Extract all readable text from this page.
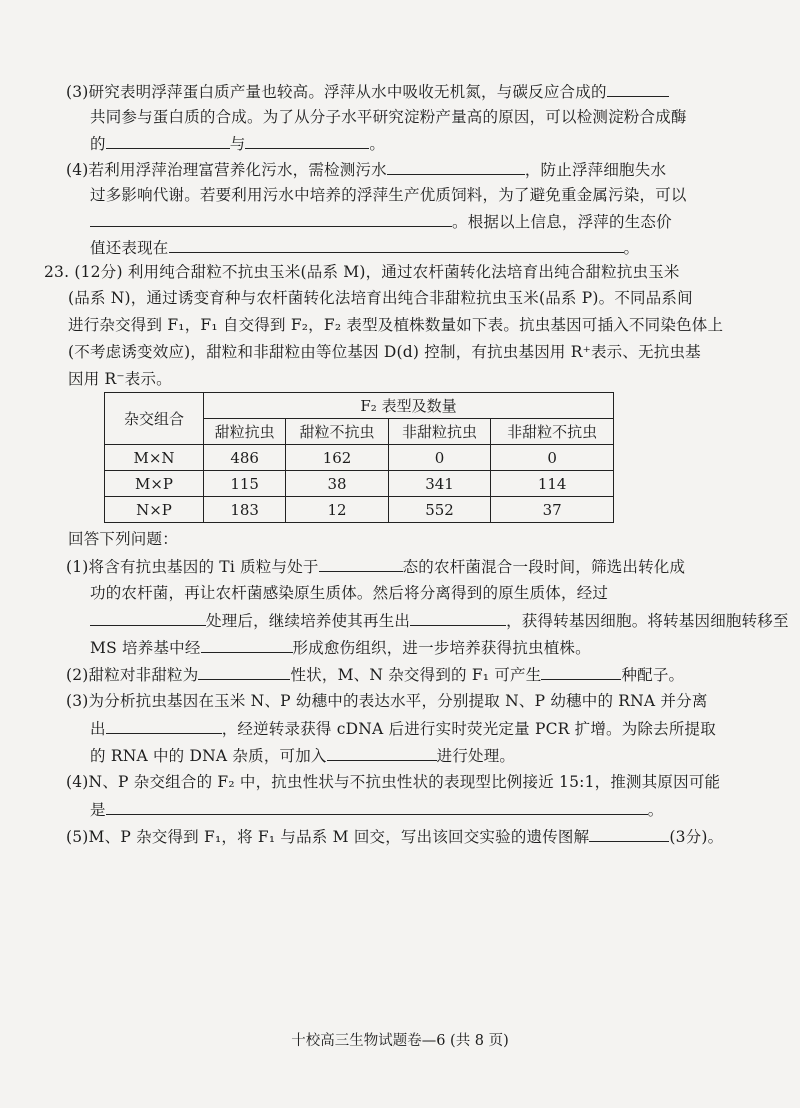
(3)研究表明浮萍蛋白质产量也较高。浮萍从水中吸收无机氮，与碳反应合成的
共同参与蛋白质的合成。为了从分子水平研究淀粉产量高的原因，可以检测淀粉合成酶
的	与	。
(4)若利用浮萍治理富营养化污水，需检测污水	，防止浮萍细胞失水
过多影响代谢。若要利用污水中培养的浮萍生产优质饲料，为了避免重金属污染，可以
。根据以上信息，浮萍的生态价
值还表现在	。
23. (12分) 利用纯合甜粒不抗虫玉米(品系 M)，通过农杆菌转化法培育出纯合甜粒抗虫玉米
(品系 N)，通过诱变育种与农杆菌转化法培育出纯合非甜粒抗虫玉米(品系 P)。不同品系间
进行杂交得到 F₁，F₁ 自交得到 F₂，F₂ 表型及植株数量如下表。抗虫基因可插入不同染色体上
(不考虑诱变效应)，甜粒和非甜粒由等位基因 D(d) 控制，有抗虫基因用 R⁺表示、无抗虫基
杂交组合	F₂ 表型及数量			
	甜粒抗虫	甜粒不抗虫	非甜粒抗虫	非甜粒不抗虫
M×N	486	162	0	0
M×P	115	38	341	114
N×P	183	12	552	37
回答下列问题：
(1)将含有抗虫基因的 Ti 质粒与处于	态的农杆菌混合一段时间，筛选出转化成
功的农杆菌，再让农杆菌感染原生质体。然后将分离得到的原生质体，经过
处理后，继续培养使其再生出	，获得转基因细胞。将转基因细胞转移至
MS 培养基中经	形成愈伤组织，进一步培养获得抗虫植株。
(2)甜粒对非甜粒为	性状，M、N 杂交得到的 F₁ 可产生	种配子。
(3)为分析抗虫基因在玉米 N、P 幼穗中的表达水平，分别提取 N、P 幼穗中的 RNA 并分离
出	，经逆转录获得 cDNA 后进行实时荧光定量 PCR 扩增。为除去所提取
的 RNA 中的 DNA 杂质，可加入	进行处理。
(4)N、P 杂交组合的 F₂ 中，抗虫性状与不抗虫性状的表现型比例接近 15:1，推测其原因可能
是	。
(5)M、P 杂交得到 F₁，将 F₁ 与品系 M 回交，写出该回交实验的遗传图解	(3分)。
十校高三生物试题卷—6 (共 8 页)
因用 R⁻表示。
